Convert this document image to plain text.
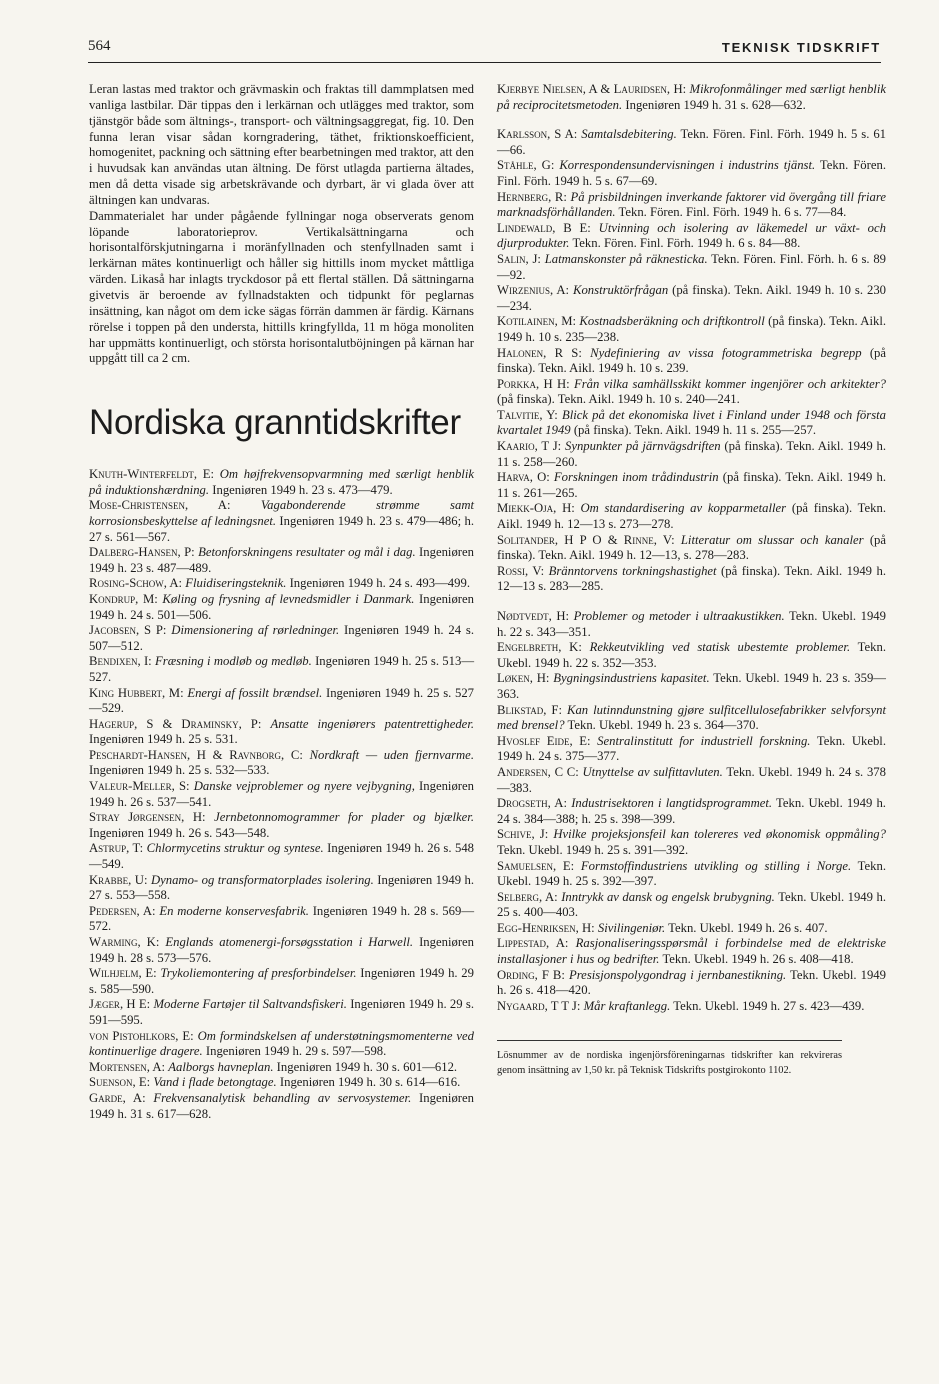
564	TEKNISK TIDSKRIFT

Leran lastas med traktor och grävmaskin och fraktas till dammplatsen med vanliga lastbilar. Där tippas den i lerkärnan och utlägges med traktor, som tjänstgör både som ältnings-, transport- och vältningsaggregat, fig. 10. Den funna leran visar sådan korngradering, täthet, friktionskoefficient, homogenitet, packning och sättning efter bearbetningen med traktor, att den i huvudsak kan användas utan ältning. De först utlagda partierna ältades, men då detta visade sig arbetskrävande och dyrbart, är vi glada över att ältningen kan undvaras.

Dammaterialet har under pågående fyllningar noga observerats genom löpande laboratorieprov. Vertikalsättningarna och horisontalförskjutningarna i moränfyllnaden och stenfyllnaden samt i lerkärnan mätes kontinuerligt och håller sig hittills inom mycket måttliga värden. Likaså har inlagts tryckdosor på ett flertal ställen. Då sättningarna givetvis är beroende av fyllnadstakten och tidpunkt för peglarnas insättning, kan något om dem icke sägas förrän dammen är färdig. Kärnans rörelse i toppen på den understa, hittills kringfyllda, 11 m höga monoliten har uppmätts kontinuerligt, och största horisontalutböjningen på kärnan har uppgått till ca 2 cm.

Nordiska granntidskrifter

Knuth-Winterfeldt, E: Om højfrekvensopvarmning med særligt henblik på induktionshærdning. Ingeniøren 1949 h. 23 s. 473—479.

Mose-Christensen, A: Vagabonderende strømme samt korrosionsbeskyttelse af ledningsnet. Ingeniøren 1949 h. 23 s. 479—486; h. 27 s. 561—567.

Dalberg-Hansen, P: Betonforskningens resultater og mål i dag. Ingeniøren 1949 h. 23 s. 487—489.

Rosing-Schow, A: Fluidiseringsteknik. Ingeniøren 1949 h. 24 s. 493—499.

Kondrup, M: Køling og frysning af levnedsmidler i Danmark. Ingeniøren 1949 h. 24 s. 501—506.

Jacobsen, S P: Dimensionering af rørledninger. Ingeniøren 1949 h. 24 s. 507—512.

Bendixen, I: Fræsning i modløb og medløb. Ingeniøren 1949 h. 25 s. 513—527.

King Hubbert, M: Energi af fossilt brændsel. Ingeniøren 1949 h. 25 s. 527—529.

Hagerup, S & Draminsky, P: Ansatte ingeniørers patentrettigheder. Ingeniøren 1949 h. 25 s. 531.

Peschardt-Hansen, H & Ravnborg, C: Nordkraft — uden fjernvarme. Ingeniøren 1949 h. 25 s. 532—533.

Valeur-Meller, S: Danske vejproblemer og nyere vejbygning, Ingeniøren 1949 h. 26 s. 537—541.

Stray Jørgensen, H: Jernbetonnomogrammer for plader og bjælker. Ingeniøren 1949 h. 26 s. 543—548.

Astrup, T: Chlormycetins struktur og syntese. Ingeniøren 1949 h. 26 s. 548—549.

Krabbe, U: Dynamo- og transformatorplades isolering. Ingeniøren 1949 h. 27 s. 553—558.

Pedersen, A: En moderne konservesfabrik. Ingeniøren 1949 h. 28 s. 569—572.

Warming, K: Englands atomenergi-forsøgsstation i Harwell. Ingeniøren 1949 h. 28 s. 573—576.

Wilhjelm, E: Trykoliemontering af presforbindelser. Ingeniøren 1949 h. 29 s. 585—590.

Jæger, H E: Moderne Fartøjer til Saltvandsfiskeri. Ingeniøren 1949 h. 29 s. 591—595.

von Pistohlkors, E: Om formindskelsen af understøtningsmomenterne ved kontinuerlige dragere. Ingeniøren 1949 h. 29 s. 597—598.

Mortensen, A: Aalborgs havneplan. Ingeniøren 1949 h. 30 s. 601—612.

Suenson, E: Vand i flade betongtage. Ingeniøren 1949 h. 30 s. 614—616.

Garde, A: Frekvensanalytisk behandling av servosystemer. Ingeniøren 1949 h. 31 s. 617—628.

Kjerbye Nielsen, A & Lauridsen, H: Mikrofonmålinger med særligt henblik på reciprocitetsmetoden. Ingeniøren 1949 h. 31 s. 628—632.

Karlsson, S A: Samtalsdebitering. Tekn. Fören. Finl. Förh. 1949 h. 5 s. 61—66.

Ståhle, G: Korrespondensundervisningen i industrins tjänst. Tekn. Fören. Finl. Förh. 1949 h. 5 s. 67—69.

Hernberg, R: På prisbildningen inverkande faktorer vid övergång till friare marknadsförhållanden. Tekn. Fören. Finl. Förh. 1949 h. 6 s. 77—84.

Lindewald, B E: Utvinning och isolering av läkemedel ur växt- och djurprodukter. Tekn. Fören. Finl. Förh. 1949 h. 6 s. 84—88.

Salin, J: Latmanskonster på räknesticka. Tekn. Fören. Finl. Förh. h. 6 s. 89—92.

Wirzenius, A: Konstruktörfrågan (på finska). Tekn. Aikl. 1949 h. 10 s. 230—234.

Kotilainen, M: Kostnadsberäkning och driftkontroll (på finska). Tekn. Aikl. 1949 h. 10 s. 235—238.

Halonen, R S: Nydefiniering av vissa fotogrammetriska begrepp (på finska). Tekn. Aikl. 1949 h. 10 s. 239.

Porkka, H H: Från vilka samhällsskikt kommer ingenjörer och arkitekter? (på finska). Tekn. Aikl. 1949 h. 10 s. 240—241.

Talvitie, Y: Blick på det ekonomiska livet i Finland under 1948 och första kvartalet 1949 (på finska). Tekn. Aikl. 1949 h. 11 s. 255—257.

Kaario, T J: Synpunkter på järnvägsdriften (på finska). Tekn. Aikl. 1949 h. 11 s. 258—260.

Harva, O: Forskningen inom trådindustrin (på finska). Tekn. Aikl. 1949 h. 11 s. 261—265.

Miekk-Oja, H: Om standardisering av kopparmetaller (på finska). Tekn. Aikl. 1949 h. 12—13 s. 273—278.

Solitander, H P O & Rinne, V: Litteratur om slussar och kanaler (på finska). Tekn. Aikl. 1949 h. 12—13, s. 278—283.

Rossi, V: Bränntorvens torkningshastighet (på finska). Tekn. Aikl. 1949 h. 12—13 s. 283—285.

Nødtvedt, H: Problemer og metoder i ultraakustikken. Tekn. Ukebl. 1949 h. 22 s. 343—351.

Engelbreth, K: Rekkeutvikling ved statisk ubestemte problemer. Tekn. Ukebl. 1949 h. 22 s. 352—353.

Løken, H: Bygningsindustriens kapasitet. Tekn. Ukebl. 1949 h. 23 s. 359—363.

Blikstad, F: Kan lutinndunstning gjøre sulfitcellulosefabrikker selvforsynt med brensel? Tekn. Ukebl. 1949 h. 23 s. 364—370.

Hvoslef Eide, E: Sentralinstitutt for industriell forskning. Tekn. Ukebl. 1949 h. 24 s. 375—377.

Andersen, C C: Utnyttelse av sulfittavluten. Tekn. Ukebl. 1949 h. 24 s. 378—383.

Drogseth, A: Industrisektoren i langtidsprogrammet. Tekn. Ukebl. 1949 h. 24 s. 384—388; h. 25 s. 398—399.

Schive, J: Hvilke projeksjonsfeil kan tolereres ved økonomisk oppmåling? Tekn. Ukebl. 1949 h. 25 s. 391—392.

Samuelsen, E: Formstoffindustriens utvikling og stilling i Norge. Tekn. Ukebl. 1949 h. 25 s. 392—397.

Selberg, A: Inntrykk av dansk og engelsk brubygning. Tekn. Ukebl. 1949 h. 25 s. 400—403.

Egg-Henriksen, H: Sivilingeniør. Tekn. Ukebl. 1949 h. 26 s. 407.

Lippestad, A: Rasjonaliseringsspørsmål i forbindelse med de elektriske installasjoner i hus og bedrifter. Tekn. Ukebl. 1949 h. 26 s. 408—418.

Ording, F B: Presisjonspolygondrag i jernbanestikning. Tekn. Ukebl. 1949 h. 26 s. 418—420.

Nygaard, T T J: Mår kraftanlegg. Tekn. Ukebl. 1949 h. 27 s. 423—439.

Lösnummer av de nordiska ingenjörsföreningarnas tidskrifter kan rekvireras genom insättning av 1,50 kr. på Teknisk Tidskrifts postgirokonto 1102.
